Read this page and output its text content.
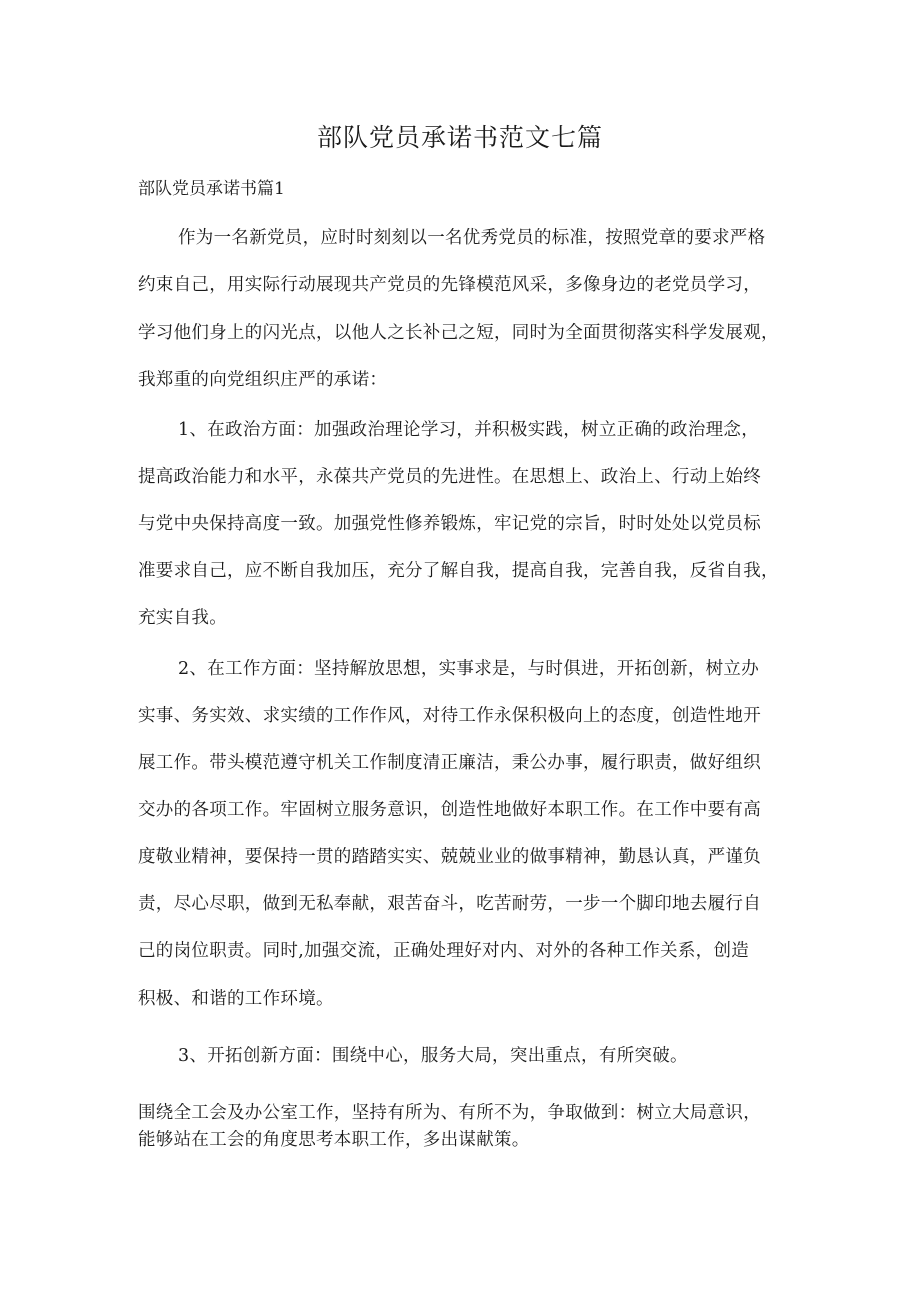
部队党员承诺书范文七篇
部队党员承诺书篇1
作为一名新党员，应时时刻刻以一名优秀党员的标准，按照党章的要求严格
约束自己，用实际行动展现共产党员的先锋模范风采，多像身边的老党员学习，
学习他们身上的闪光点，以他人之长补己之短，同时为全面贯彻落实科学发展观，
我郑重的向党组织庄严的承诺：
1、在政治方面：加强政治理论学习，并积极实践，树立正确的政治理念，
提高政治能力和水平，永葆共产党员的先进性。在思想上、政治上、行动上始终
与党中央保持高度一致。加强党性修养锻炼，牢记党的宗旨，时时处处以党员标
准要求自己，应不断自我加压，充分了解自我，提高自我，完善自我，反省自我，
充实自我。
2、在工作方面：坚持解放思想，实事求是，与时俱进，开拓创新，树立办
实事、务实效、求实绩的工作作风，对待工作永保积极向上的态度，创造性地开
展工作。带头模范遵守机关工作制度清正廉洁，秉公办事，履行职责，做好组织
交办的各项工作。牢固树立服务意识，创造性地做好本职工作。在工作中要有高
度敬业精神，要保持一贯的踏踏实实、兢兢业业的做事精神，勤恳认真，严谨负
责，尽心尽职，做到无私奉献，艰苦奋斗，吃苦耐劳，一步一个脚印地去履行自
己的岗位职责。同时,加强交流，正确处理好对内、对外的各种工作关系，创造
积极、和谐的工作环境。
3、开拓创新方面：围绕中心，服务大局，突出重点，有所突破。
围绕全工会及办公室工作，坚持有所为、有所不为，争取做到：树立大局意识，
能够站在工会的角度思考本职工作，多出谋献策。
